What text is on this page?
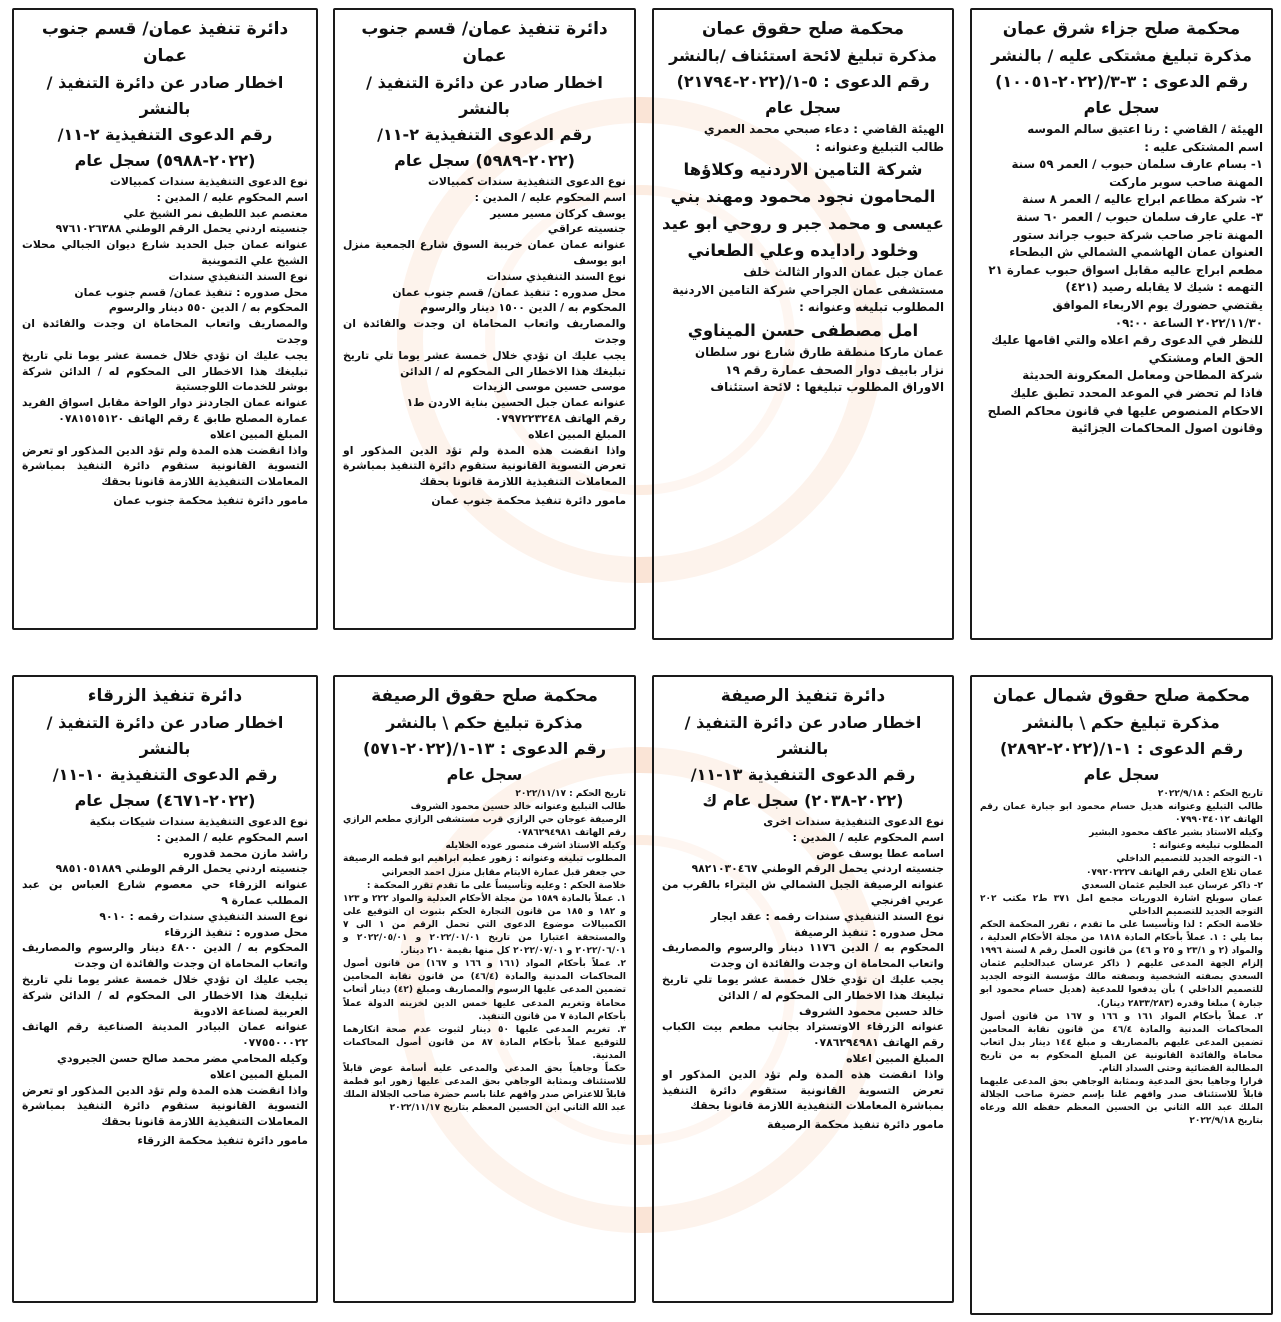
محكمة صلح جزاء شرق عمان
مذكرة تبليغ مشتكى عليه / بالنشر
رقم الدعوى : ٣-٣/(٢٠٢٢-١٠٠٥١)
سجل عام
الهيئة / القاضي : رنا اعتيق سالم الموسه
اسم المشتكى عليه :
١- بسام عارف سلمان حبوب / العمر ٥٩ سنة
المهنة صاحب سوبر ماركت
٢- شركة مطاعم ابراج عاليه / العمر ٨ سنة
٣- علي عارف سلمان حبوب / العمر ٦٠ سنة
المهنة تاجر صاحب شركة حبوب جراند ستور
العنوان عمان الهاشمي الشمالي ش البطحاء
مطعم ابراج عاليه مقابل اسواق حبوب عمارة ٢١
التهمه : شيك لا يقابله رصيد (٤٢١)
يقتضي حضورك يوم الاربعاء الموافق
٢٠٢٢/١١/٣٠ الساعة ٠٩:٠٠
للنظر في الدعوى رقم اعلاه والتي اقامها عليك
الحق العام ومشتكي
شركة المطاحن ومعامل المعكرونة الحديثة
فاذا لم تحضر في الموعد المحدد تطبق عليك
الاحكام المنصوص عليها في قانون محاكم الصلح
وقانون اصول المحاكمات الجزائية
محكمة صلح حقوق عمان
مذكرة تبليغ لائحة استئناف /بالنشر
رقم الدعوى : ٥-١/(٢٠٢٢-٢١٧٩٤)
سجل عام
الهيئة القاضي : دعاء صبحي محمد العمري
طالب التبليغ وعنوانه :
شركة التامين الاردنيه وكلاؤها
المحامون نجود محمود ومهند بني
عيسى و محمد جبر و روحي ابو عيد
وخلود رادايده وعلي الطعاني
عمان جبل عمان الدوار الثالث خلف
مستشفى عمان الجراحي شركة التامين الاردنية
المطلوب تبليغه وعنوانه :
امل مصطفى حسن الميناوي
عمان ماركا منطقة طارق شارع نور سلطان
نزار بابيف دوار الصحف عمارة رقم ١٩
الاوراق المطلوب تبليغها : لائحة استئناف
دائرة تنفيذ عمان/ قسم جنوب عمان
اخطار صادر عن دائرة التنفيذ / بالنشر
رقم الدعوى التنفيذية ٢-١١/
(٢٠٢٢-٥٩٨٩) سجل عام
نوع الدعوى التنفيذية سندات كمبيالات
اسم المحكوم عليه / المدين :
يوسف كركان مسير مسير
جنسيته عراقي
عنوانه عمان عمان خريبة السوق شارع الجمعية منزل ابو يوسف
نوع السند التنفيذي سندات
محل صدوره : تنفيذ عمان/ قسم جنوب عمان
المحكوم به / الدين ١٥٠٠ دينار والرسوم
والمصاريف واتعاب المحاماة ان وجدت والفائدة ان وجدت
يجب عليك ان تؤدي خلال خمسة عشر يوما تلي تاريخ تبليغك هذا الاخطار الى المحكوم له / الدائن
موسى حسين موسى الزيدات
عنوانه عمان جبل الحسين بناية الاردن ط١
رقم الهاتف ٠٧٩٧٢٢٣٢٤٨
المبلغ المبين اعلاه
واذا انقضت هذه المدة ولم تؤد الدين المذكور او تعرض التسوية القانونية ستقوم دائرة التنفيذ بمباشرة المعاملات التنفيذية اللازمة قانونا بحقك
مامور دائرة تنفيذ محكمة جنوب عمان
دائرة تنفيذ عمان/ قسم جنوب عمان
اخطار صادر عن دائرة التنفيذ / بالنشر
رقم الدعوى التنفيذية ٢-١١/
(٢٠٢٢-٥٩٨٨) سجل عام
نوع الدعوى التنفيذية سندات كمبيالات
اسم المحكوم عليه / المدين :
معتصم عبد اللطيف نمر الشيخ علي
جنسيته اردني يحمل الرقم الوطني ٩٧٦١٠٢٦٣٨٨
عنوانه عمان جبل الحديد شارع ديوان الجبالي محلات الشيخ علي التموينية
نوع السند التنفيذي سندات
محل صدوره : تنفيذ عمان/ قسم جنوب عمان
المحكوم به / الدين ٥٥٠ دينار والرسوم
والمصاريف واتعاب المحاماة ان وجدت والفائدة ان وجدت
يجب عليك ان تؤدي خلال خمسة عشر يوما تلي تاريخ تبليغك هذا الاخطار الى المحكوم له / الدائن شركة بوشر للخدمات اللوجستية
عنوانه عمان الجاردنز دوار الواحة مقابل اسواق الفريد عمارة المصلح طابق ٤ رقم الهاتف ٠٧٨١٥١٥١٢٠
المبلغ المبين اعلاه
واذا انقضت هذه المدة ولم تؤد الدين المذكور او تعرض التسوية القانونية ستقوم دائرة التنفيذ بمباشرة المعاملات التنفيذية اللازمة قانونا بحقك
مامور دائرة تنفيذ محكمة جنوب عمان
محكمة صلح حقوق شمال عمان
مذكرة تبليغ حكم \ بالنشر
رقم الدعوى : ١-١/(٢٠٢٢-٢٨٩٢)
سجل عام
تاريخ الحكم : ٢٠٢٢/٩/١٨
طالب التبليغ وعنوانه هديل حسام محمود ابو جبارة عمان رقم الهاتف ٠٧٩٩٠٣٤٠١٢
وكيله الاستاذ بشير عاكف محمود البشير
المطلوب تبليغه وعنوانه :
١- التوجه الجديد للتصميم الداخلي
عمان تلاع العلي رقم الهاتف ٠٧٩٢٠٢٢٢٧
٢- ذاكر عرسان عبد الحليم عثمان السعدي
عمان سويلح اشارة الدوريات مجمع امل ٣٧١ ط٢ مكتب ٢٠٢ التوجه الجديد للتصميم الداخلي
خلاصة الحكم : لذا وتأسيسا على ما تقدم ، تقرر المحكمة الحكم بما يلي : ١. عملاً بأحكام المادة ١٨١٨ من مجلة الأحكام العدلية ، والمواد (٢ و ٢٣/١ و ٢٥ و ٤٦) من قانون العمل رقم ٨ لسنة ١٩٩٦ إلزام الجهة المدعى عليهم ( ذاكر عرسان عبدالحليم عثمان السعدي بصفته الشخصية وبصفته مالك مؤسسة التوجه الجديد للتصميم الداخلي ) بأن يدفعوا للمدعية (هديل حسام محمود ابو جبارة ) مبلغا وقدره (٢٨٣٣/٢٨٣ دينار).
٢. عملاً بأحكام المواد ١٦١ و ١٦٦ و ١٦٧ من قانون أصول المحاكمات المدنية والمادة ٤٦/٤ من قانون نقابة المحامين تضمين المدعى عليهم بالمصاريف و مبلغ ١٤٤ دينار بدل اتعاب محاماة والفائدة القانونية عن المبلغ المحكوم به من تاريخ المطالبة القضائية وحتى السداد التام.
قرارا وجاهيا بحق المدعية وبمثابة الوجاهي بحق المدعى عليهما قابلاً للاستئناف صدر وافهم علنا بإسم حضرة صاحب الجلالة الملك عبد الله الثاني بن الحسين المعظم حفظه الله ورعاه بتاريخ ٢٠٢٢/٩/١٨
دائرة تنفيذ الرصيفة
اخطار صادر عن دائرة التنفيذ / بالنشر
رقم الدعوى التنفيذية ١٣-١١/
(٢٠٢٢-٢٠٣٨) سجل عام ك
نوع الدعوى التنفيذية سندات اخرى
اسم المحكوم عليه / المدين :
اسامه عطا يوسف عوض
جنسيته اردني يحمل الرقم الوطني ٩٨٢١٠٣٠٤٦٧
عنوانه الرصيفة الجبل الشمالي ش البتراء بالقرب من عربي افرنجي
نوع السند التنفيذي سندات رقمه : عقد ايجار
محل صدوره : تنفيذ الرصيفة
المحكوم به / الدين ١١٧٦ دينار والرسوم والمصاريف واتعاب المحاماة ان وجدت والفائدة ان وجدت
يجب عليك ان تؤدي خلال خمسة عشر يوما تلي تاريخ تبليغك هذا الاخطار الى المحكوم له / الدائن
خالد حسين محمود الشروف
عنوانه الزرقاء الاوتستراد بجانب مطعم بيت الكباب رقم الهاتف ٠٧٨٦٢٩٤٩٨١
المبلغ المبين اعلاه
واذا انقضت هذه المدة ولم تؤد الدين المذكور او تعرض التسوية القانونية ستقوم دائرة التنفيذ بمباشرة المعاملات التنفيذية اللازمة قانونا بحقك
مامور دائرة تنفيذ محكمة الرصيفة
محكمة صلح حقوق الرصيفة
مذكرة تبليغ حكم \ بالنشر
رقم الدعوى : ١٣-١/(٢٠٢٢-٥٧١)
سجل عام
تاريخ الحكم : ٢٠٢٢/١١/١٧
طالب التبليغ وعنوانه خالد حسين محمود الشروف
الرصيفة عوجان حي الرازي قرب مستشفى الرازي مطعم الرازي رقم الهاتف ٠٧٨٦٢٩٤٩٨١
وكيله الاستاذ اشرف منصور عوده الخلايله
المطلوب تبليغه وعنوانه : زهور عطيه ابراهيم ابو قطمه الرصيفة حي جعفر قبل عمارة الايتام مقابل منزل احمد الجعراني
خلاصة الحكم : وعليه وتأسيساً على ما تقدم تقرر المحكمة :
١. عملاً بالمادة ١٥٨٩ من مجلة الأحكام العدلية والمواد ٢٢٢ و ١٢٣ و ١٨٢ و ١٨٥ من قانون التجارة الحكم بثبوت ان التوقيع على الكمبيالات موضوع الدعوى التي تحمل الرقم من ١ الى ٧ والمستحقة اعتبارا من تاريخ ٢٠٢٢/٠١/٠١ و ٢٠٢٢/٠٥/٠١ و ٢٠٢٢/٠٦/٠١ و ٢٠٢٢/٠٧/٠١ كل منها بقيمة ٢١٠ دينار.
٢. عملاً بأحكام المواد (١٦١ و ١٦٦ و ١٦٧) من قانون أصول المحاكمات المدنية والمادة (٤٦/٤) من قانون نقابة المحامين تضمين المدعى عليها الرسوم والمصاريف ومبلغ (٤٢) دينار أتعاب محاماة وتغريم المدعى عليها خمس الدين لخزينه الدولة عملاً بأحكام المادة ٧ من قانون التنفيذ.
٣. تغريم المدعى عليها ٥٠ دينار لثبوت عدم صحة انكارهما للتوقيع عملاً بأحكام المادة ٨٧ من قانون أصول المحاكمات المدنية.
حكماً وجاهياً بحق المدعي والمدعى عليه أسامة عوض قابلاً للاستئناف وبمثابة الوجاهي بحق المدعى عليها زهور ابو قطمة قابلاً للاعتراض صدر وافهم علنا باسم حضرة صاحب الجلالة الملك عبد الله الثاني ابن الحسين المعظم بتاريخ ٢٠٢٢/١١/١٧
دائرة تنفيذ الزرقاء
اخطار صادر عن دائرة التنفيذ / بالنشر
رقم الدعوى التنفيذية ١٠-١١/
(٢٠٢٢-٤٦٧١) سجل عام
نوع الدعوى التنفيذية سندات شيكات بنكية
اسم المحكوم عليه / المدين :
راشد مازن محمد قدوره
جنسيته اردني يحمل الرقم الوطني ٩٨٥١٠٥١٨٨٩
عنوانه الزرقاء حي معصوم شارع العباس بن عبد المطلب عمارة ٩
نوع السند التنفيذي سندات رقمه : ٩٠١٠
محل صدوره : تنفيذ الزرقاء
المحكوم به / الدين ٤٨٠٠ دينار والرسوم والمصاريف واتعاب المحاماة ان وجدت والفائدة ان وجدت
يجب عليك ان تؤدي خلال خمسة عشر يوما تلي تاريخ تبليغك هذا الاخطار الى المحكوم له / الدائن شركة العربية لصناعة الادوية
عنوانه عمان البيادر المدينة الصناعية رقم الهاتف ٠٧٧٥٥٠٠٠٢٢
وكيله المحامي مضر محمد صالح حسن الجيرودي
المبلغ المبين اعلاه
واذا انقضت هذه المدة ولم تؤد الدين المذكور او تعرض التسوية القانونية ستقوم دائرة التنفيذ بمباشرة المعاملات التنفيذية اللازمة قانونا بحقك
مامور دائرة تنفيذ محكمة الزرقاء
